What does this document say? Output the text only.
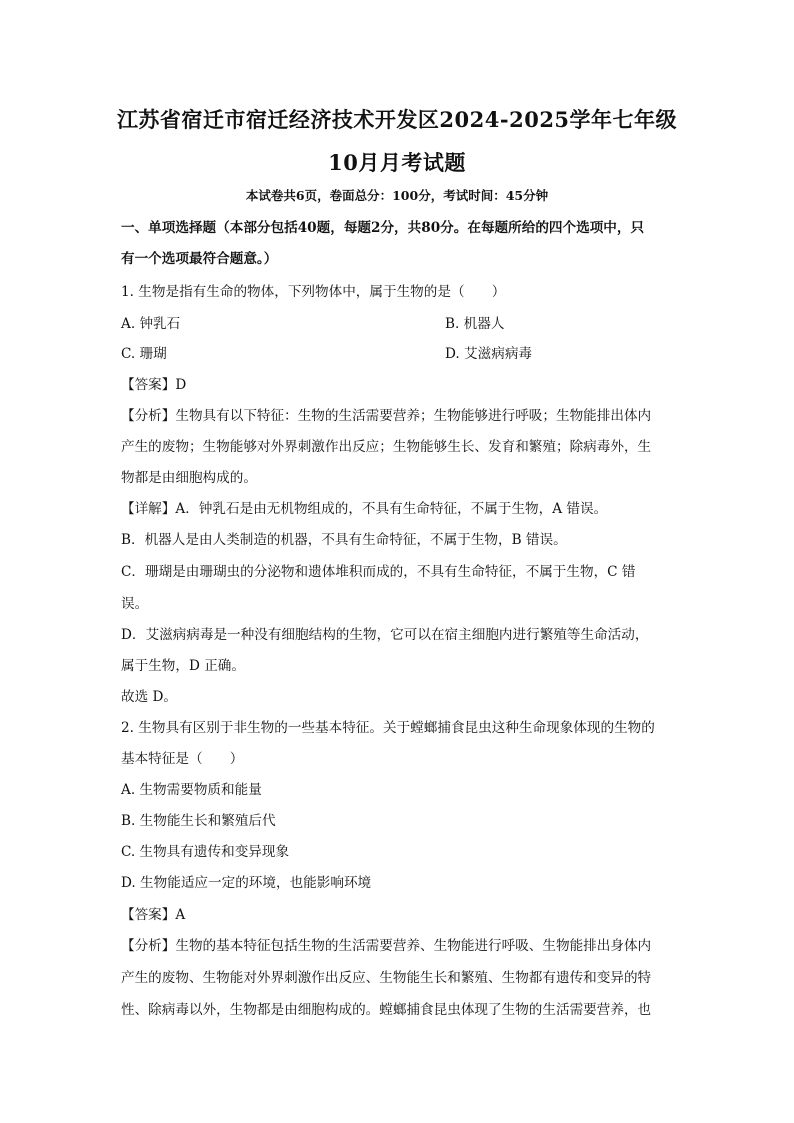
江苏省宿迁市宿迁经济技术开发区2024-2025学年七年级
10月月考试题
本试卷共6页，卷面总分：100分，考试时间：45分钟
一、单项选择题（本部分包括40题，每题2分，共80分。在每题所给的四个选项中，只
有一个选项最符合题意。）
1. 生物是指有生命的物体，下列物体中，属于生物的是（　　）
A. 钟乳石	B. 机器人
C. 珊瑚	D. 艾滋病病毒
【答案】D
【分析】生物具有以下特征：生物的生活需要营养；生物能够进行呼吸；生物能排出体内
产生的废物；生物能够对外界刺激作出反应；生物能够生长、发育和繁殖；除病毒外，生
物都是由细胞构成的。
【详解】A．钟乳石是由无机物组成的，不具有生命特征，不属于生物，A 错误。
B．机器人是由人类制造的机器，不具有生命特征，不属于生物，B 错误。
C．珊瑚是由珊瑚虫的分泌物和遗体堆积而成的，不具有生命特征，不属于生物，C 错
误。
D．艾滋病病毒是一种没有细胞结构的生物，它可以在宿主细胞内进行繁殖等生命活动，
属于生物，D 正确。
故选 D。
2. 生物具有区别于非生物的一些基本特征。关于螳螂捕食昆虫这种生命现象体现的生物的
基本特征是（　　）
A. 生物需要物质和能量
B. 生物能生长和繁殖后代
C. 生物具有遗传和变异现象
D. 生物能适应一定的环境，也能影响环境
【答案】A
【分析】生物的基本特征包括生物的生活需要营养、生物能进行呼吸、生物能排出身体内
产生的废物、生物能对外界刺激作出反应、生物能生长和繁殖、生物都有遗传和变异的特
性、除病毒以外，生物都是由细胞构成的。螳螂捕食昆虫体现了生物的生活需要营养，也
